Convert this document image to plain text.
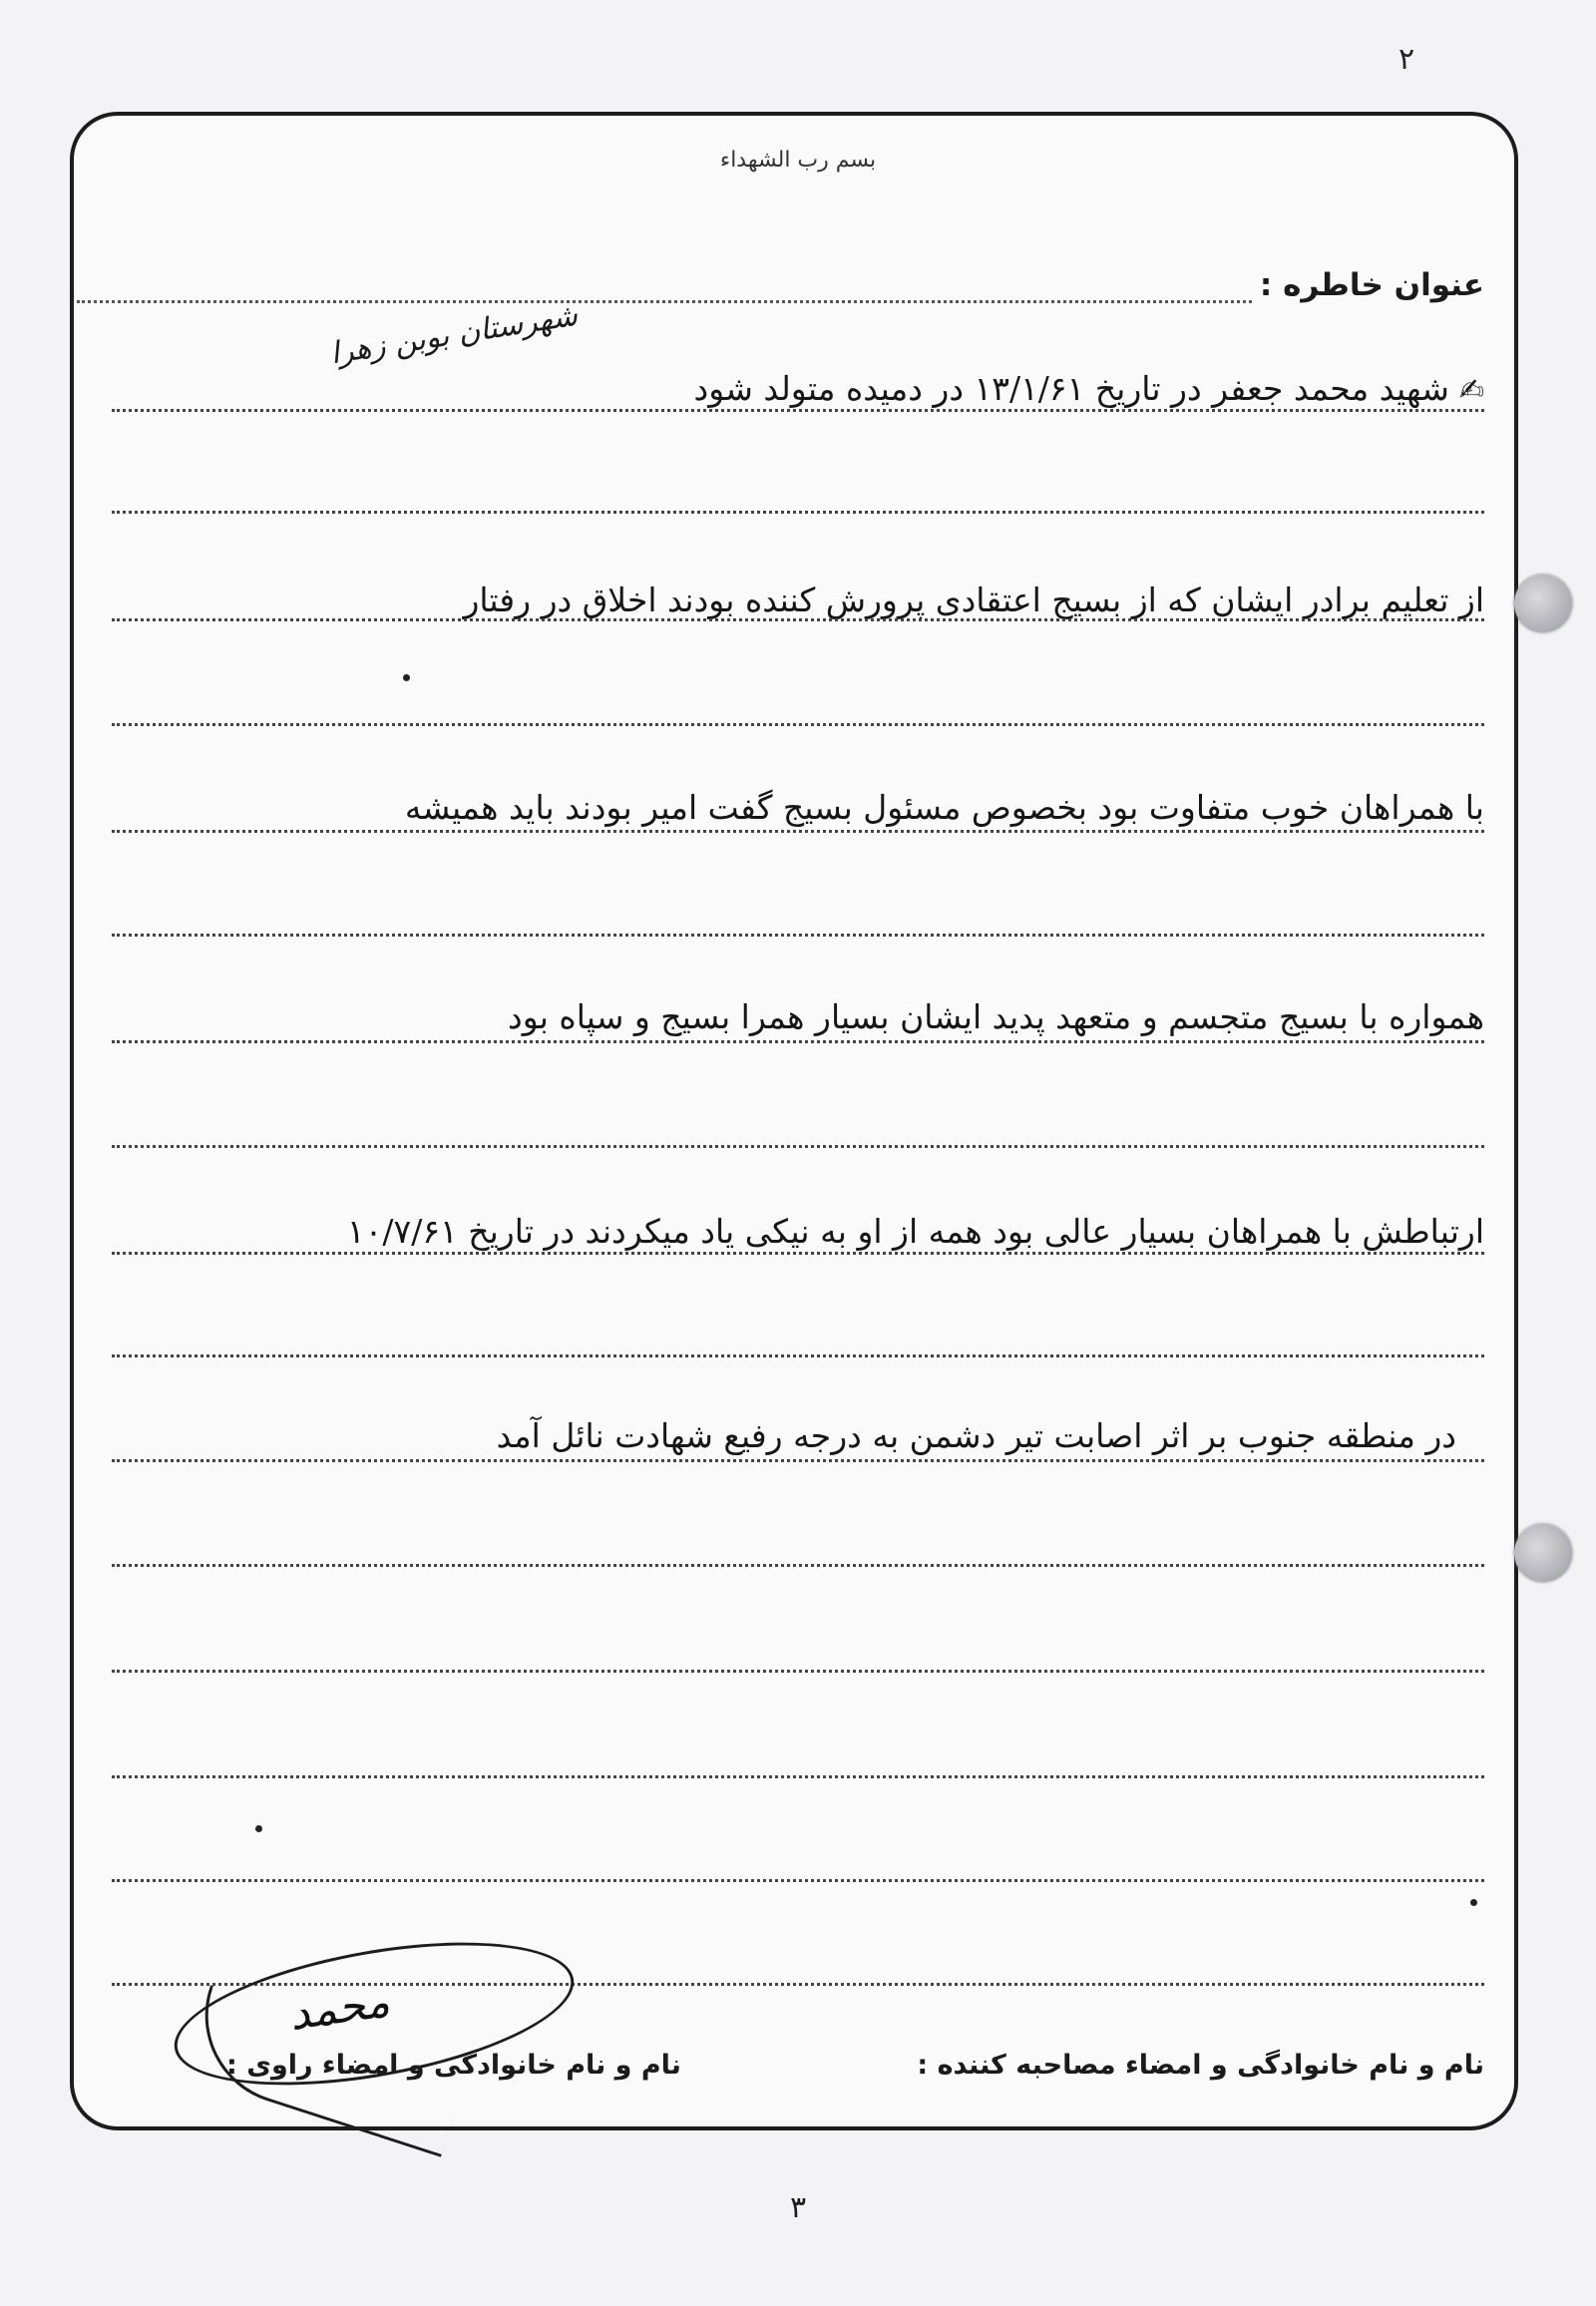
۲
بسم رب الشهداء
عنوان خاطره :
شهرستان بوبن زهرا
✍شهید محمد جعفر در تاریخ ۱۳/۱/۶۱ در دمیده متولد شود
از تعلیم برادر ایشان که از بسیج اعتقادی پرورش کننده بودند اخلاق در رفتار
با همراهان خوب متفاوت بود بخصوص مسئول بسیج گفت امیر بودند باید همیشه
همواره با بسیج متجسم و متعهد پدید ایشان بسیار همرا بسیج و سپاه بود
ارتباطش با همراهان بسیار عالی بود همه از او به نیکی یاد میکردند در تاریخ ۱۰/۷/۶۱
در منطقه جنوب بر اثر اصابت تیر دشمن به درجه رفیع شهادت نائل آمد
محمد
نام و نام خانوادگی و امضاء مصاحبه کننده :
نام و نام خانوادگی و امضاء راوی :
۳
